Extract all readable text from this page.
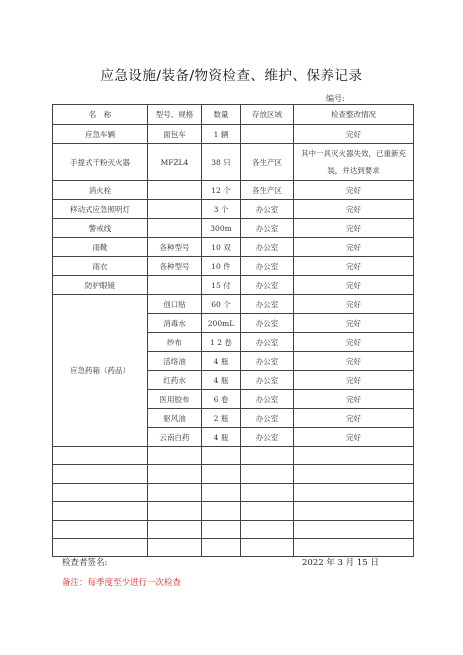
应急设施/装备/物资检查、维护、保养记录
编号:
名　称	型号、规格	数量	存放区域	检查整改情况
应急车辆	面包车	1 辆		完好
手提式干粉灭火器	MFZL4	38 只	各生产区	其中一具灭火器失效，已重新充装，并达到要求
消火栓		12 个	各生产区	完好
移动式应急照明灯		3 个	办公室	完好
警戒线		300m	办公室	完好
雨靴	各种型号	10 双	办公室	完好
雨衣	各种型号	10 件	办公室	完好
防护眼镜		15 付	办公室	完好
应急药箱（药品）	创口贴	60 个	办公室	完好
	消毒水	200mL	办公室	完好
	纱布	1 2 卷	办公室	完好
	活络油	4 瓶	办公室	完好
	红药水	4 瓶	办公室	完好
	医用胶布	6 卷	办公室	完好
	驱风油	2 瓶	办公室	完好
	云南白药	4 瓶	办公室	完好

检查者签名:	2022 年 3 月 15 日
备注：每季度至少进行一次检查
